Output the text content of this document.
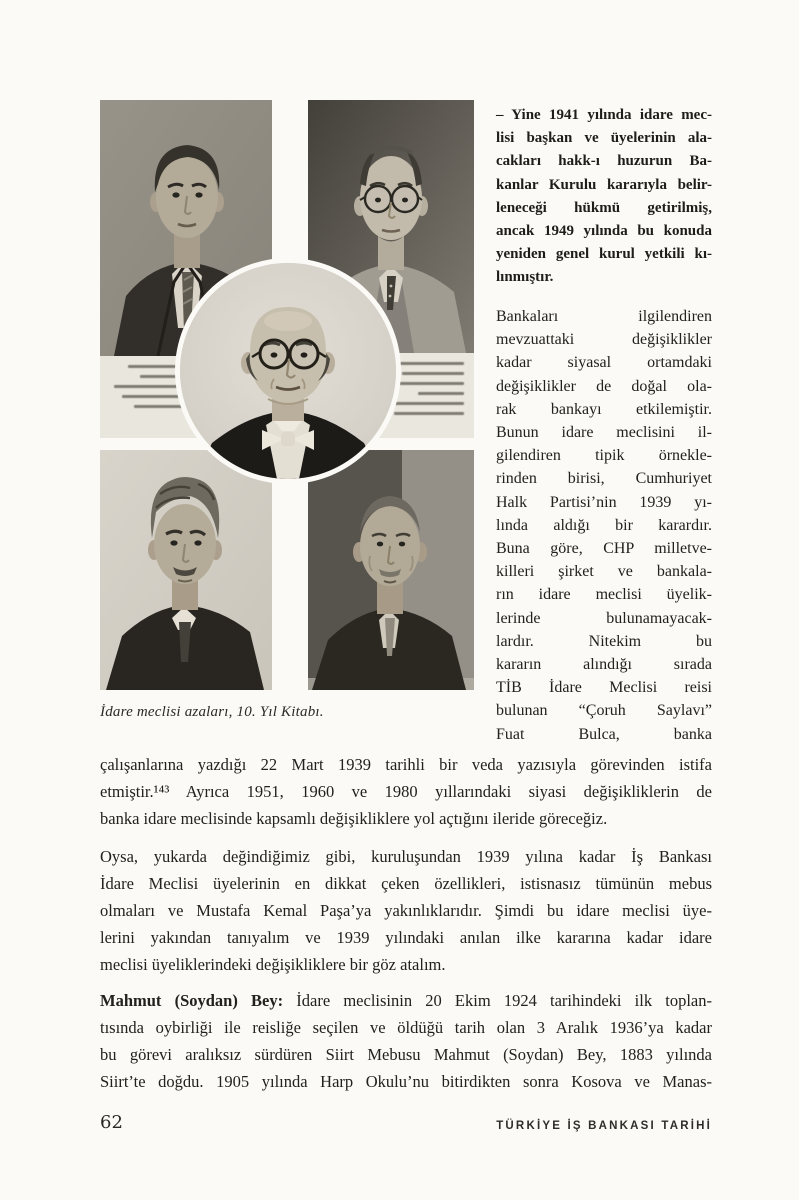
İdare meclisi azaları, 10. Yıl Kitabı.
– Yine 1941 yılında idare mec-
lisi başkan ve üyelerinin ala-
cakları hakk-ı huzurun Ba-
kanlar Kurulu kararıyla belir-
leneceği hükmü getirilmiş,
ancak 1949 yılında bu konuda
yeniden genel kurul yetkili kı-
lınmıştır.
Bankaları ilgilendiren
mevzuattaki değişiklikler
kadar siyasal ortamdaki
değişiklikler de doğal ola-
rak bankayı etkilemiştir.
Bunun idare meclisini il-
gilendiren tipik örnekle-
rinden birisi, Cumhuriyet
Halk Partisi’nin 1939 yı-
lında aldığı bir karardır.
Buna göre, CHP milletve-
killeri şirket ve bankala-
rın idare meclisi üyelik-
lerinde bulunamayacak-
lardır. Nitekim bu
kararın alındığı sırada
TİB İdare Meclisi reisi
bulunan “Çoruh Saylavı”
Fuat Bulca, banka
çalışanlarına yazdığı 22 Mart 1939 tarihli bir veda yazısıyla görevinden istifa
etmiştir.¹⁴³ Ayrıca 1951, 1960 ve 1980 yıllarındaki siyasi değişikliklerin de
banka idare meclisinde kapsamlı değişikliklere yol açtığını ileride göreceğiz.
Oysa, yukarda değindiğimiz gibi, kuruluşundan 1939 yılına kadar İş Bankası
İdare Meclisi üyelerinin en dikkat çeken özellikleri, istisnasız tümünün mebus
olmaları ve Mustafa Kemal Paşa’ya yakınlıklarıdır. Şimdi bu idare meclisi üye-
lerini yakından tanıyalım ve 1939 yılındaki anılan ilke kararına kadar idare
meclisi üyeliklerindeki değişikliklere bir göz atalım.
Mahmut (Soydan) Bey: İdare meclisinin 20 Ekim 1924 tarihindeki ilk toplan-
tısında oybirliği ile reisliğe seçilen ve öldüğü tarih olan 3 Aralık 1936’ya kadar
bu görevi aralıksız sürdüren Siirt Mebusu Mahmut (Soydan) Bey, 1883 yılında
Siirt’te doğdu. 1905 yılında Harp Okulu’nu bitirdikten sonra Kosova ve Manas-
62	TÜRKİYE İŞ BANKASI TARİHİ
